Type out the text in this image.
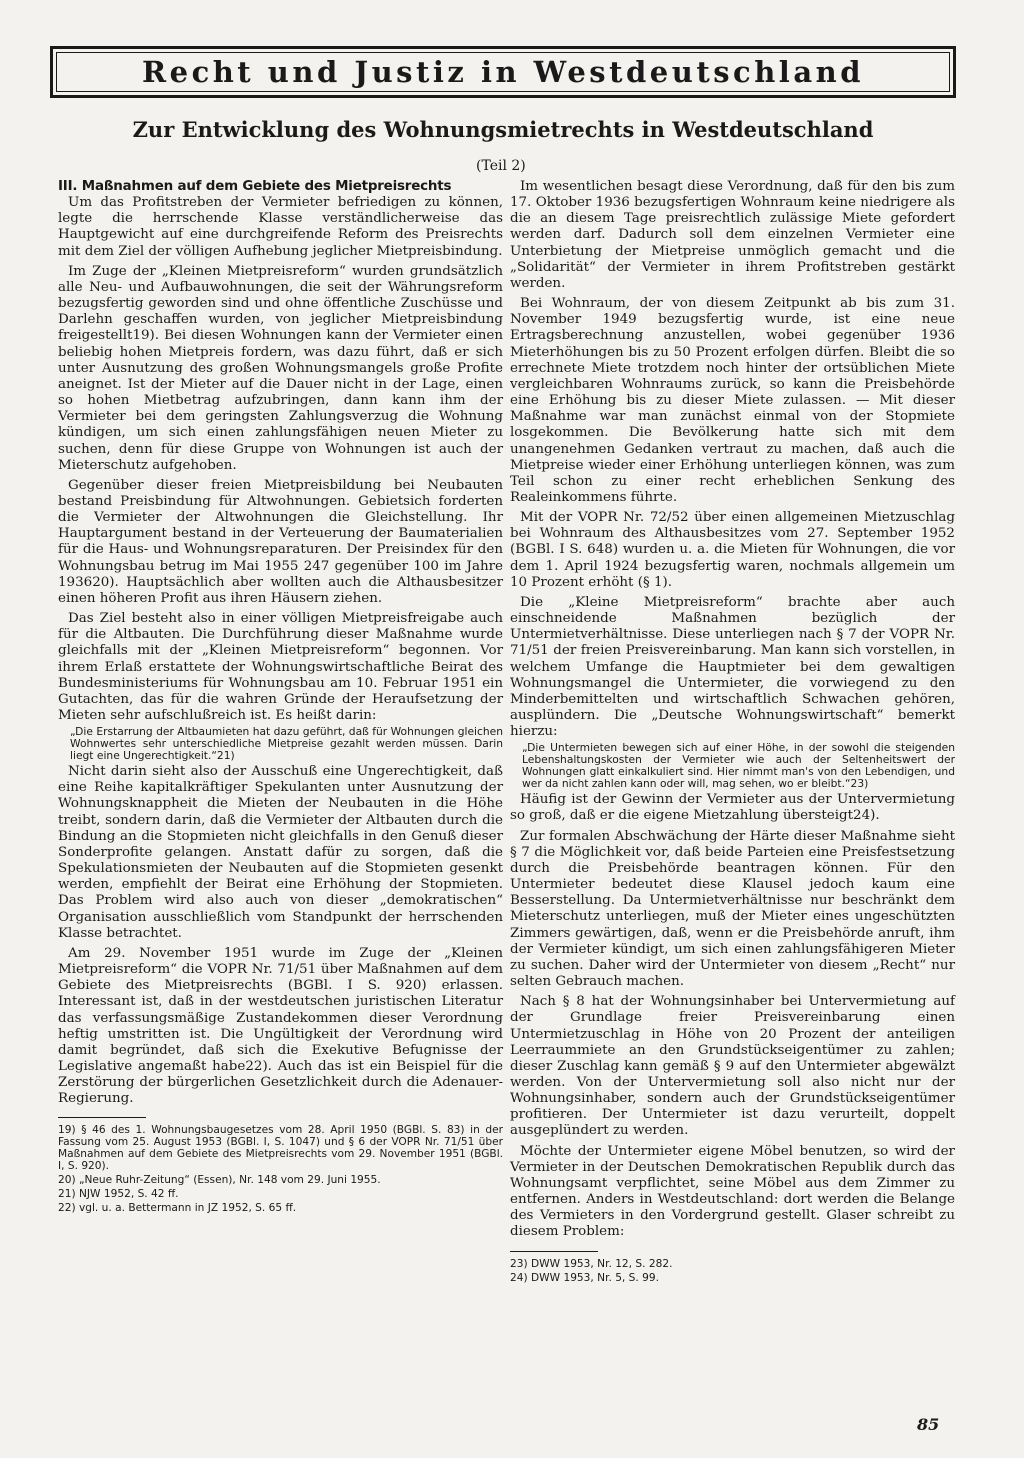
Recht und Justiz in Westdeutschland
Zur Entwicklung des Wohnungsmietrechts in Westdeutschland
(Teil 2)
III. Maßnahmen auf dem Gebiete des Mietpreisrechts

Um das Profitstreben der Vermieter befriedigen zu können, legte die herrschende Klasse verständlicherweise das Hauptgewicht auf eine durchgreifende Reform des Preisrechts mit dem Ziel der völligen Aufhebung jeglicher Mietpreisbindung.

Im Zuge der „Kleinen Mietpreisreform“ wurden grundsätzlich alle Neu- und Aufbauwohnungen, die seit der Währungsreform bezugsfertig geworden sind und ohne öffentliche Zuschüsse und Darlehn geschaffen wurden, von jeglicher Mietpreisbindung freigestellt19). Bei diesen Wohnungen kann der Vermieter einen beliebig hohen Mietpreis fordern, was dazu führt, daß er sich unter Ausnutzung des großen Wohnungsmangels große Profite aneignet. Ist der Mieter auf die Dauer nicht in der Lage, einen so hohen Mietbetrag aufzubringen, dann kann ihm der Vermieter bei dem geringsten Zahlungsverzug die Wohnung kündigen, um sich einen zahlungsfähigen neuen Mieter zu suchen, denn für diese Gruppe von Wohnungen ist auch der Mieterschutz aufgehoben.

Gegenüber dieser freien Mietpreisbildung bei Neubauten bestand Preisbindung für Altwohnungen. Gebietsich forderten die Vermieter der Altwohnungen die Gleichstellung. Ihr Hauptargument bestand in der Verteuerung der Baumaterialien für die Haus- und Wohnungsreparaturen. Der Preisindex für den Wohnungsbau betrug im Mai 1955 247 gegenüber 100 im Jahre 193620). Hauptsächlich aber wollten auch die Althausbesitzer einen höheren Profit aus ihren Häusern ziehen.

Das Ziel besteht also in einer völligen Mietpreisfreigabe auch für die Altbauten. Die Durchführung dieser Maßnahme wurde gleichfalls mit der „Kleinen Mietpreisreform“ begonnen. Vor ihrem Erlaß erstattete der Wohnungswirtschaftliche Beirat des Bundesministeriums für Wohnungsbau am 10. Februar 1951 ein Gutachten, das für die wahren Gründe der Heraufsetzung der Mieten sehr aufschlußreich ist. Es heißt darin:

„Die Erstarrung der Altbaumieten hat dazu geführt, daß für Wohnungen gleichen Wohnwertes sehr unterschiedliche Mietpreise gezahlt werden müssen. Darin liegt eine Ungerechtigkeit.“21)

Nicht darin sieht also der Ausschuß eine Ungerechtigkeit, daß eine Reihe kapitalkräftiger Spekulanten unter Ausnutzung der Wohnungsknappheit die Mieten der Neubauten in die Höhe treibt, sondern darin, daß die Vermieter der Altbauten durch die Bindung an die Stopmieten nicht gleichfalls in den Genuß dieser Sonderprofite gelangen. Anstatt dafür zu sorgen, daß die Spekulationsmieten der Neubauten auf die Stopmieten gesenkt werden, empfiehlt der Beirat eine Erhöhung der Stopmieten. Das Problem wird also auch von dieser „demokratischen“ Organisation ausschließlich vom Standpunkt der herrschenden Klasse betrachtet.

Am 29. November 1951 wurde im Zuge der „Kleinen Mietpreisreform“ die VOPR Nr. 71/51 über Maßnahmen auf dem Gebiete des Mietpreisrechts (BGBl. I S. 920) erlassen. Interessant ist, daß in der westdeutschen juristischen Literatur das verfassungsmäßige Zustandekommen dieser Verordnung heftig umstritten ist. Die Ungültigkeit der Verordnung wird damit begründet, daß sich die Exekutive Befugnisse der Legislative angemaßt habe22). Auch das ist ein Beispiel für die Zerstörung der bürgerlichen Gesetzlichkeit durch die Adenauer-Regierung.

19) § 46 des 1. Wohnungsbaugesetzes vom 28. April 1950 (BGBl. S. 83) in der Fassung vom 25. August 1953 (BGBl. I, S. 1047) und § 6 der VOPR Nr. 71/51 über Maßnahmen auf dem Gebiete des Mietpreisrechts vom 29. November 1951 (BGBl. I, S. 920).
20) „Neue Ruhr-Zeitung“ (Essen), Nr. 148 vom 29. Juni 1955.
21) NJW 1952, S. 42 ff.
22) vgl. u. a. Bettermann in JZ 1952, S. 65 ff.

Im wesentlichen besagt diese Verordnung, daß für den bis zum 17. Oktober 1936 bezugsfertigen Wohnraum keine niedrigere als die an diesem Tage preisrechtlich zulässige Miete gefordert werden darf. Dadurch soll dem einzelnen Vermieter eine Unterbietung der Mietpreise unmöglich gemacht und die „Solidarität“ der Vermieter in ihrem Profitstreben gestärkt werden.

Bei Wohnraum, der von diesem Zeitpunkt ab bis zum 31. November 1949 bezugsfertig wurde, ist eine neue Ertragsberechnung anzustellen, wobei gegenüber 1936 Mieterhöhungen bis zu 50 Prozent erfolgen dürfen. Bleibt die so errechnete Miete trotzdem noch hinter der ortsüblichen Miete vergleichbaren Wohnraums zurück, so kann die Preisbehörde eine Erhöhung bis zu dieser Miete zulassen. — Mit dieser Maßnahme war man zunächst einmal von der Stopmiete losgekommen. Die Bevölkerung hatte sich mit dem unangenehmen Gedanken vertraut zu machen, daß auch die Mietpreise wieder einer Erhöhung unterliegen können, was zum Teil schon zu einer recht erheblichen Senkung des Realeinkommens führte.

Mit der VOPR Nr. 72/52 über einen allgemeinen Mietzuschlag bei Wohnraum des Althausbesitzes vom 27. September 1952 (BGBl. I S. 648) wurden u. a. die Mieten für Wohnungen, die vor dem 1. April 1924 bezugsfertig waren, nochmals allgemein um 10 Prozent erhöht (§ 1).

Die „Kleine Mietpreisreform“ brachte aber auch einschneidende Maßnahmen bezüglich der Untermietverhältnisse. Diese unterliegen nach § 7 der VOPR Nr. 71/51 der freien Preisvereinbarung. Man kann sich vorstellen, in welchem Umfange die Hauptmieter bei dem gewaltigen Wohnungsmangel die Untermieter, die vorwiegend zu den Minderbemittelten und wirtschaftlich Schwachen gehören, ausplündern. Die „Deutsche Wohnungswirtschaft“ bemerkt hierzu:

„Die Untermieten bewegen sich auf einer Höhe, in der sowohl die steigenden Lebenshaltungskosten der Vermieter wie auch der Seltenheitswert der Wohnungen glatt einkalkuliert sind. Hier nimmt man's von den Lebendigen, und wer da nicht zahlen kann oder will, mag sehen, wo er bleibt.“23)

Häufig ist der Gewinn der Vermieter aus der Untervermietung so groß, daß er die eigene Mietzahlung übersteigt24).

Zur formalen Abschwächung der Härte dieser Maßnahme sieht § 7 die Möglichkeit vor, daß beide Parteien eine Preisfestsetzung durch die Preisbehörde beantragen können. Für den Untermieter bedeutet diese Klausel jedoch kaum eine Besserstellung. Da Untermietverhältnisse nur beschränkt dem Mieterschutz unterliegen, muß der Mieter eines ungeschützten Zimmers gewärtigen, daß, wenn er die Preisbehörde anruft, ihm der Vermieter kündigt, um sich einen zahlungsfähigeren Mieter zu suchen. Daher wird der Untermieter von diesem „Recht“ nur selten Gebrauch machen.

Nach § 8 hat der Wohnungsinhaber bei Untervermietung auf der Grundlage freier Preisvereinbarung einen Untermietzuschlag in Höhe von 20 Prozent der anteiligen Leerraummiete an den Grundstückseigentümer zu zahlen; dieser Zuschlag kann gemäß § 9 auf den Untermieter abgewälzt werden. Von der Untervermietung soll also nicht nur der Wohnungsinhaber, sondern auch der Grundstückseigentümer profitieren. Der Untermieter ist dazu verurteilt, doppelt ausgeplündert zu werden.

Möchte der Untermieter eigene Möbel benutzen, so wird der Vermieter in der Deutschen Demokratischen Republik durch das Wohnungsamt verpflichtet, seine Möbel aus dem Zimmer zu entfernen. Anders in Westdeutschland: dort werden die Belange des Vermieters in den Vordergrund gestellt. Glaser schreibt zu diesem Problem:

23) DWW 1953, Nr. 12, S. 282.
24) DWW 1953, Nr. 5, S. 99.
85
